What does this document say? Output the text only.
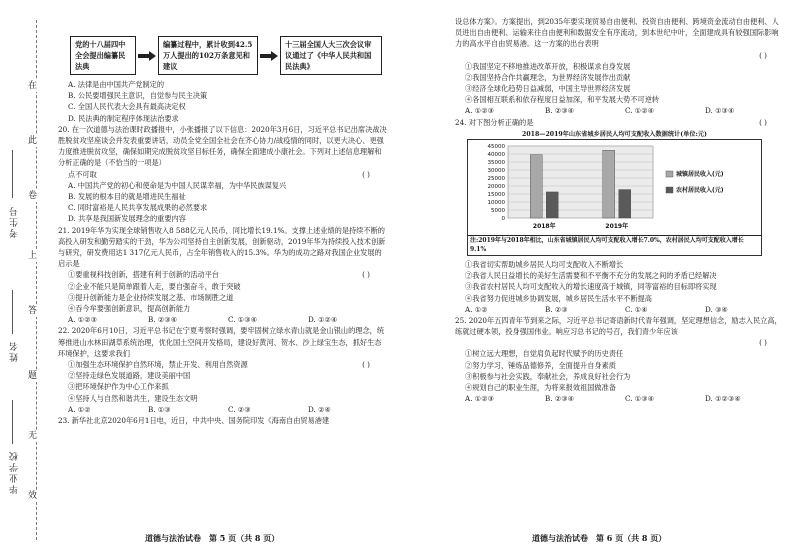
在
此
卷
上
答
题
无
效
考生号
姓名
毕业学校
党的十八届四中全会提出编纂民法典
编纂过程中，累计收到42.5万人提出的102万条意见和建议
十三届全国人大三次会议审议通过了《中华人民共和国民法典》

A. 法律是由中国共产党制定的

B. 公民要增强民主意识，自觉参与民主决策

C. 全国人民代表大会具有最高决定权

D. 民法典的制定程序体现法治要求

20. 在一次道德与法治课时政播报中，小张播报了以下信息：2020年3月6日，习近平总书记出席决战决胜脱贫攻坚座谈会并发表重要讲话，动员全党全国全社会在齐心协力/战疫情的同时，以更大决心、更强力度推进脱贫攻坚，确保如期完成脱贫攻坚目标任务，确保全面建成小康社会。下列对上述信息理解和分析正确的是（不恰当的一项是）

点不可取	( )

A. 中国共产党的初心和使命是为中国人民谋幸福，为中华民族谋复兴

B. 发展的根本目的就是增进民生福祉

C. 同时富裕是人民共享发展成果的必然要求

D. 共享是我国新发展理念的重要内容

21. 2019年华为实现全球销售收入8 588亿元人民币，同比增长19.1%。支撑上述业绩的是持续不断的高投入研发和勤劳踏实的干劲，华为公司坚持自主创新发展，创新驱动，2019年华为持续投入技术创新与研究，研发费用达1 317亿元人民币，占全年销售收入的15.3%。华为的成功之路对我国企业发展的启示是

①要重视科技创新，搭建有利于创新的活动平台	( )

②企业不能只是简单跟着人走，要自强奋斗，敢于突破

③提升创新能力是企业持续发展之基、市场制胜之道

④吞今牟要强创新意识，提高创新能力

A. ①②③	B. ②③④	C. ①③④	D. ①②④

22. 2020年6月10日，习近平总书记在宁夏考察时强调，要牢固树立绿水青山就是金山银山的理念，统筹推进山水林田湖草系统治理，优化国土空间开发格局，建设好黄河、贺水、沙上绿宝生态，抓好生态环境保护，这要求我们

①加强生态环境保护自然环境，禁止开发、利用自然资源	( )

②坚持走绿色发展道路，建设美丽中国

③把环境保护作为中心工作来抓

④坚持人与自然和谐共生，建设生态文明

A. ①②	B. ①③	C. ②③	D. ②④

23. 新华社北京2020年6月1日电，近日，中共中央、国务院印发《海南自由贸易港建

道德与法治试卷　第 5 页（共 8 页）

设总体方案》。方案提出，到2035年要实现贸易自由便利、投资自由便利、跨境资金流动自由便利、人员进出自由便利、运输来往自由便利和数据安全有序流动，到本世纪中叶，全面建成具有较强国际影响力的高水平自由贸易港。这一方案的出台表明

( )

①我国坚定不移地推进改革开放，积极谋求自身发展

②我国坚持合作共赢理念，为世界经济发展作出贡献

③经济全球化趋势日益减弱，中国主导世界经济发展

④各国相互联系和依存程度日益加深，和平发展大势不可逆转

A. ①②③	B. ②③④	C. ①②④	D. ①③④

24. 对下图分析正确的是	( )

2018—2019年山东省城乡居民人均可支配收入数据统计(单位:元)
0
5000
10000
15000
20000
25000
30000
35000
40000
45000
2018年	2019年
城镇居民收入(元)
农村居民收入(元)
注:2019年与2018年相比，山东省城镇居民人均可支配收入增长7.0%，农村居民人均可支配收入增长9.1%

①我省切实帮助城乡居民人均可支配收入不断增长

②我省人民日益增长的美好生活需要和不平衡不充分的发展之间的矛盾已经解决

③我省农村居民人均可支配收入的增长速度高于城镇，同等富裕的目标即将实现

④我省努力促进城乡协调发展，城乡居民生活水平不断提高

A. ①②	B. ②③	C. ①④	D. ③④

25. 2020年五四青年节到来之际，习近平总书记寄语新时代青年强调，坚定理想信念，励志入民立高，练就过硬本领，投身强国伟业。响应习总书记的号召，我们青少年应该

( )

①树立远大理想，自觉肩负起时代赋予的历史责任

②努力学习，锤炼品德修养，全面提升自身素质

③积极参与社会实践，奉献社会，养成良好社会行为

④规划自己的职业生涯，为将来报效祖国做准备

A. ①②③	B. ②③④	C. ①③④	D. ①②③④
道德与法治试卷　第 6 页（共 8 页）
